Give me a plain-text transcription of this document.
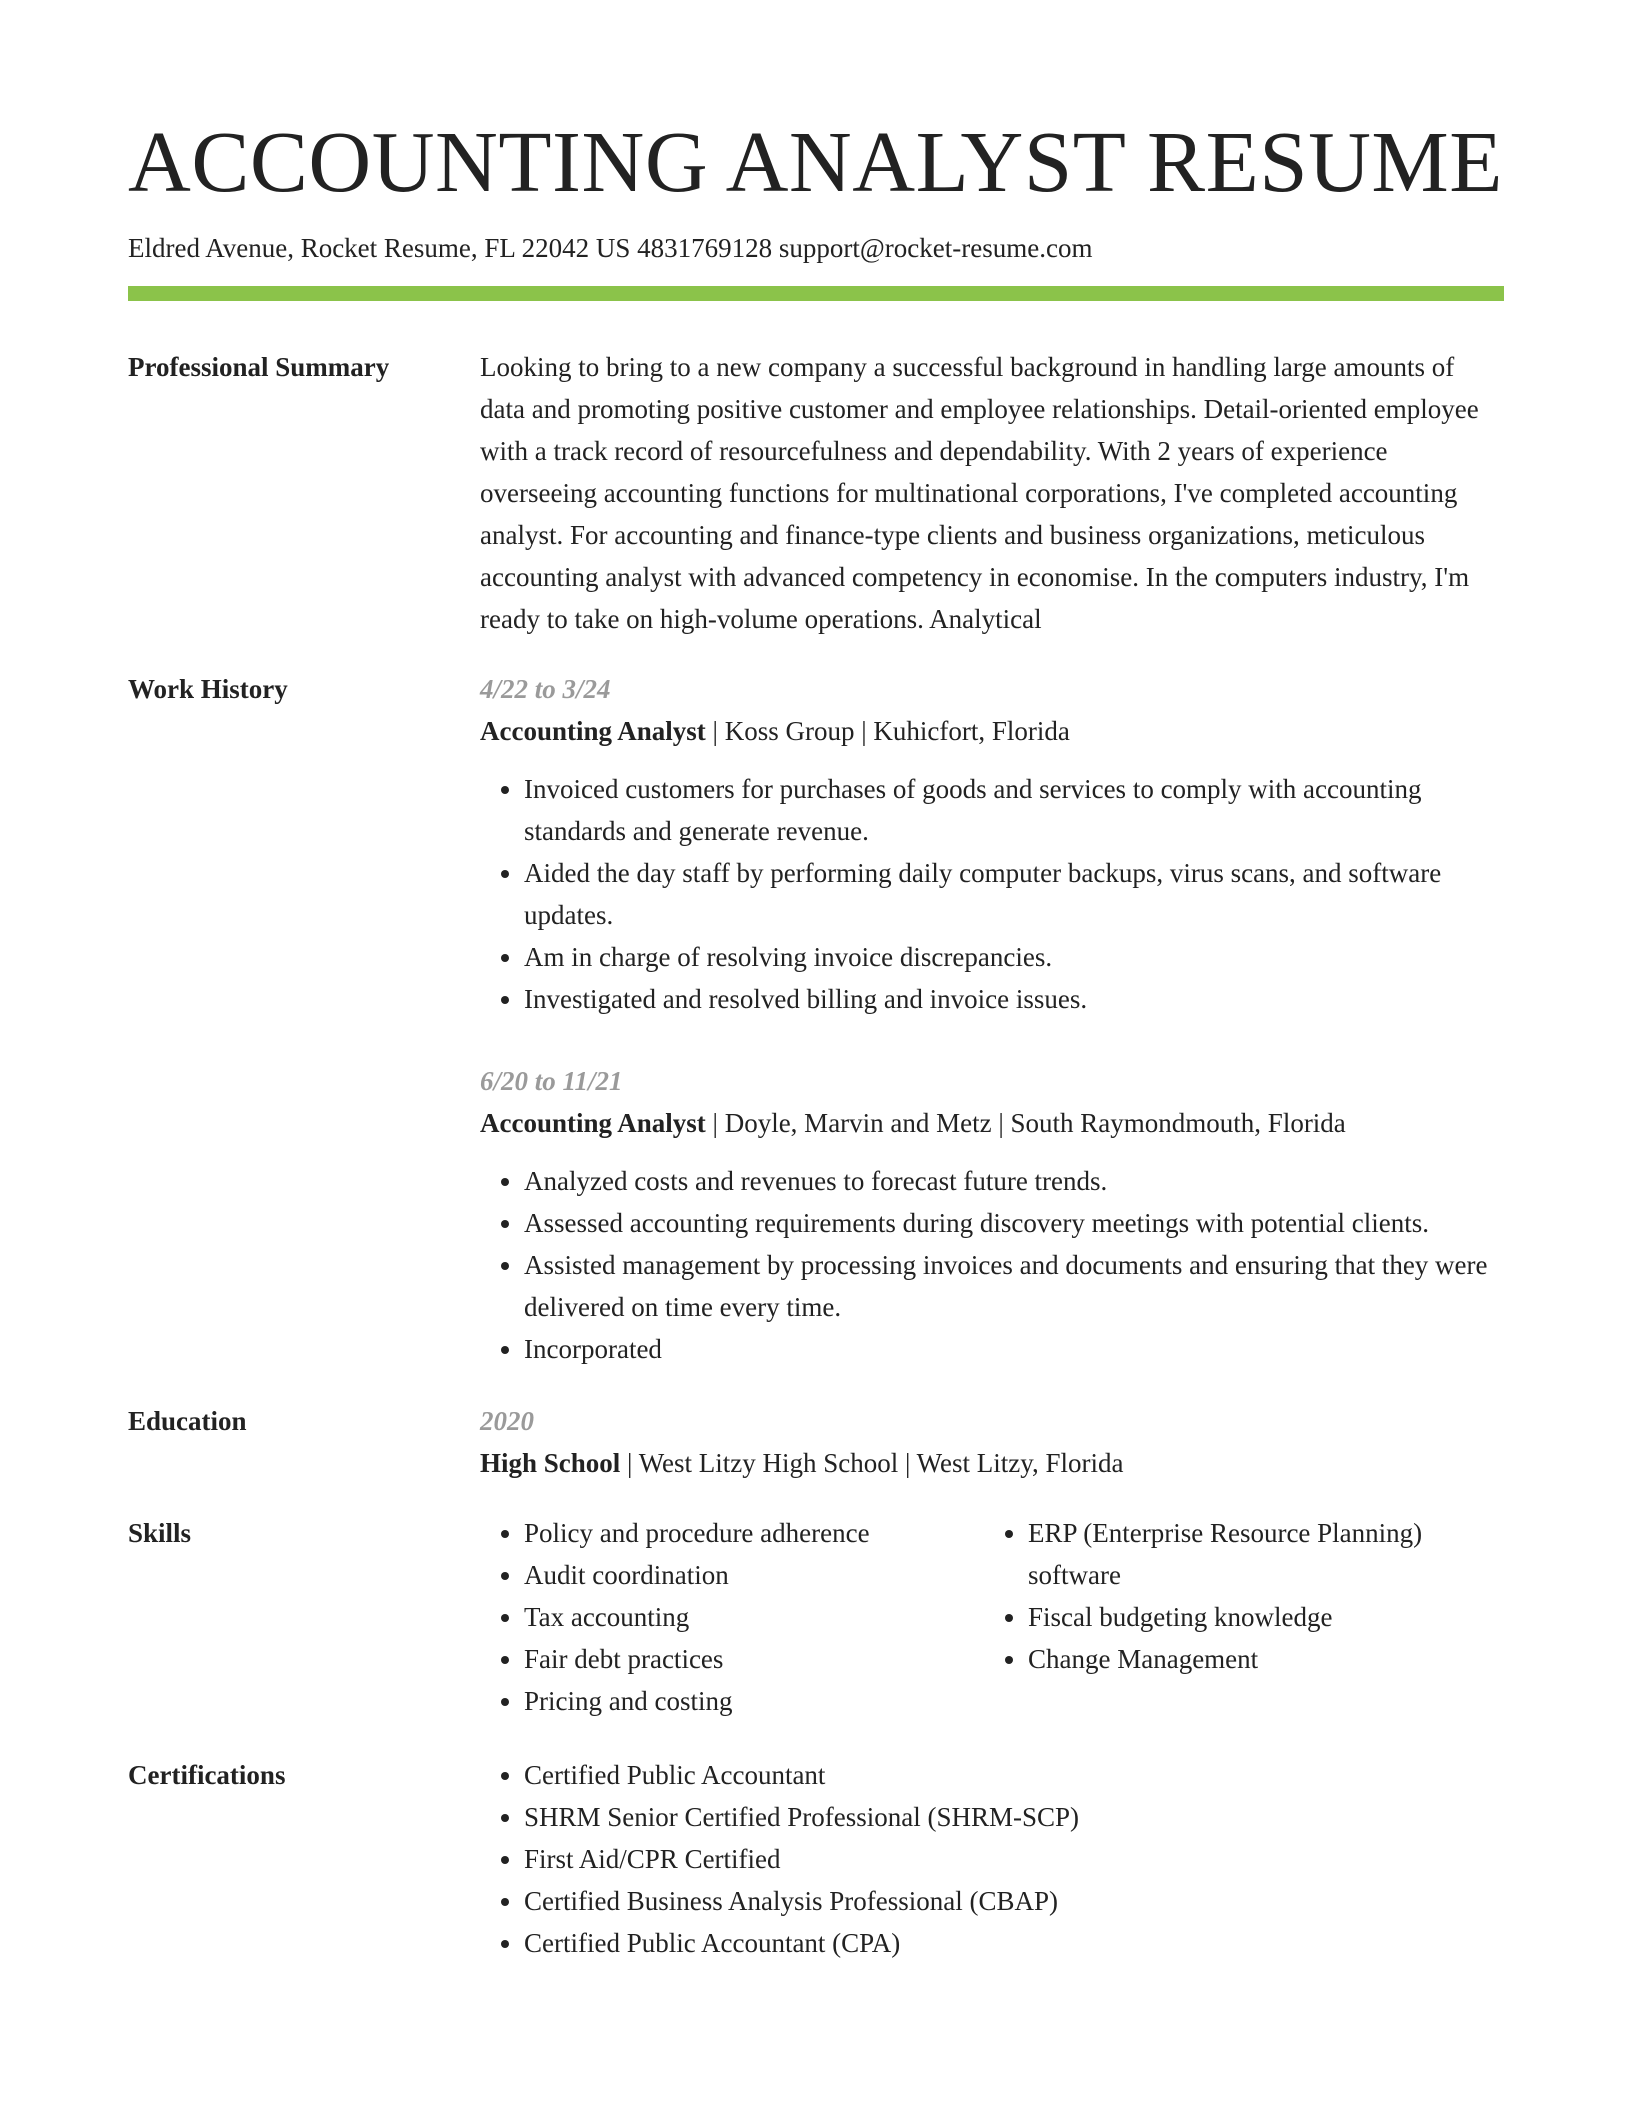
ACCOUNTING ANALYST RESUME
Eldred Avenue, Rocket Resume, FL 22042 US 4831769128 support@rocket-resume.com
Professional Summary	Looking to bring to a new company a successful background in handling large amounts of data and promoting positive customer and employee relationships. Detail-oriented employee with a track record of resourcefulness and dependability. With 2 years of experience overseeing accounting functions for multinational corporations, I've completed accounting analyst. For accounting and finance-type clients and business organizations, meticulous accounting analyst with advanced competency in economise. In the computers industry, I'm ready to take on high-volume operations. Analytical

Work History	4/22 to 3/24
Accounting Analyst | Koss Group | Kuhicfort, Florida
• Invoiced customers for purchases of goods and services to comply with accounting standards and generate revenue.
• Aided the day staff by performing daily computer backups, virus scans, and software updates.
• Am in charge of resolving invoice discrepancies.
• Investigated and resolved billing and invoice issues.
6/20 to 11/21
Accounting Analyst | Doyle, Marvin and Metz | South Raymondmouth, Florida
• Analyzed costs and revenues to forecast future trends.
• Assessed accounting requirements during discovery meetings with potential clients.
• Assisted management by processing invoices and documents and ensuring that they were delivered on time every time.
• Incorporated
Education	2020
High School | West Litzy High School | West Litzy, Florida
Skills	• Policy and procedure adherence
• Audit coordination
• Tax accounting
• Fair debt practices
• Pricing and costing
• ERP (Enterprise Resource Planning) software
• Fiscal budgeting knowledge
• Change Management
Certifications	• Certified Public Accountant
• SHRM Senior Certified Professional (SHRM-SCP)
• First Aid/CPR Certified
• Certified Business Analysis Professional (CBAP)
• Certified Public Accountant (CPA)
